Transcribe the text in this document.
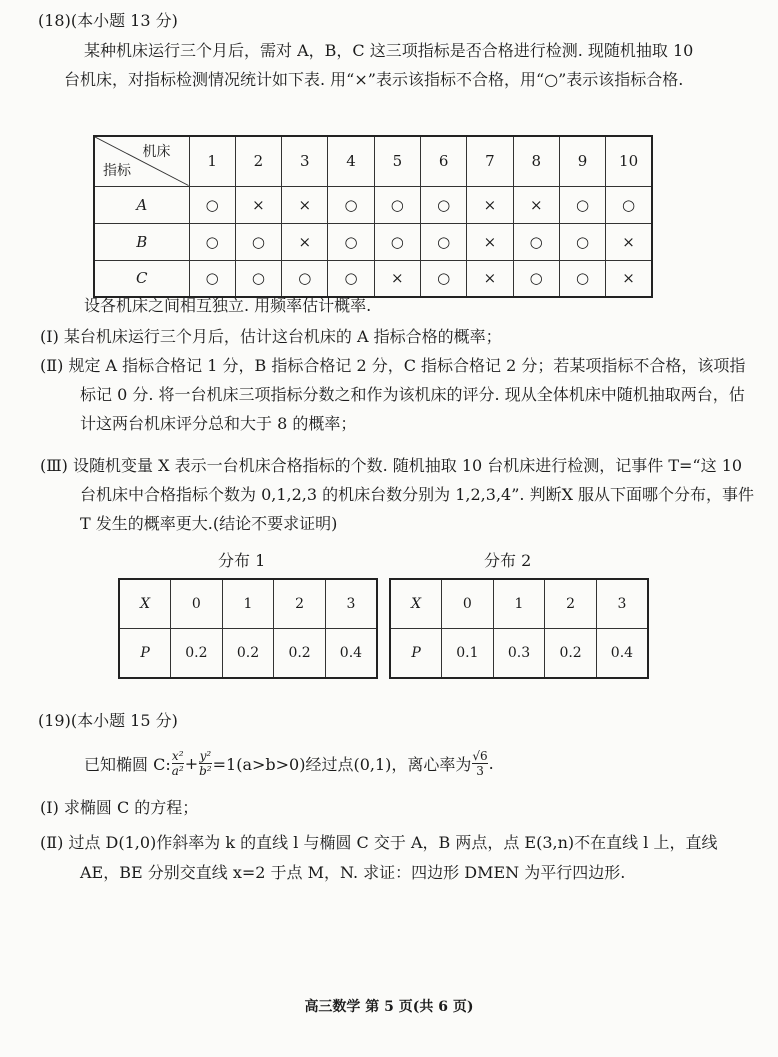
(18)(本小题 13 分)
某种机床运行三个月后，需对 A，B，C 这三项指标是否合格进行检测. 现随机抽取 10 台机床，对指标检测情况统计如下表. 用“×”表示该指标不合格，用“○”表示该指标合格.
机床
指标	1	2	3	4	5	6	7	8	9	10
A	○	×	×	○	○	○	×	×	○	○
B	○	○	×	○	○	○	×	○	○	×
C	○	○	○	○	×	○	×	○	○	×
设各机床之间相互独立. 用频率估计概率.
(Ⅰ) 某台机床运行三个月后，估计这台机床的 A 指标合格的概率；
(Ⅱ) 规定 A 指标合格记 1 分，B 指标合格记 2 分，C 指标合格记 2 分；若某项指标不合格，该项指标记 0 分. 将一台机床三项指标分数之和作为该机床的评分. 现从全体机床中随机抽取两台，估计这两台机床评分总和大于 8 的概率；
(Ⅲ) 设随机变量 X 表示一台机床合格指标的个数. 随机抽取 10 台机床进行检测，记事件 T=“这 10 台机床中合格指标个数为 0,1,2,3 的机床台数分别为 1,2,3,4”. 判断X 服从下面哪个分布，事件 T 发生的概率更大.(结论不要求证明)
分布 1
X	0	1	2	3
P	0.2	0.2	0.2	0.4
分布 2
X	0	1	2	3
P	0.1	0.3	0.2	0.4
(19)(本小题 15 分)
已知椭圆 C: $\frac{\text{x²}}{\text{a²}} + \frac{\text{y²}}{\text{b²}} =1(a>b>0)$经过点(0,1)，离心率为 $\frac{√6}{3}$ .
(Ⅰ) 求椭圆 C 的方程；
(Ⅱ) 过点 D(1,0)作斜率为 k 的直线 l 与椭圆 C 交于 A，B 两点，点 E(3,n)不在直线 l 上，直线 AE，BE 分别交直线 x=2 于点 M，N. 求证：四边形 DMEN 为平行四边形.
高三数学 第 5 页(共 6 页)
